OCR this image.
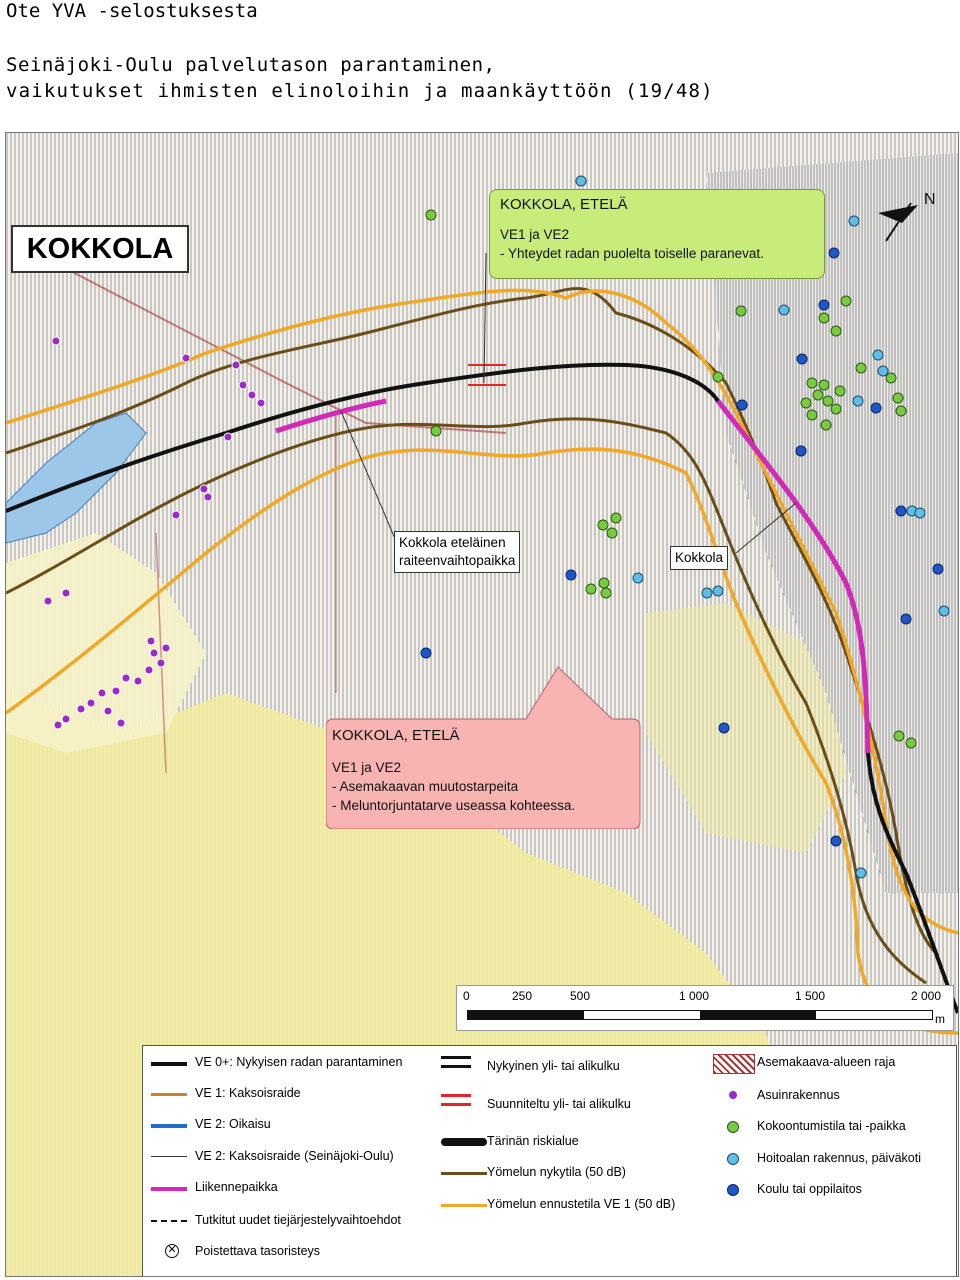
Ote YVA -selostuksesta
Seinäjoki-Oulu palvelutason parantaminen,
vaikutukset ihmisten elinoloihin ja maankäyttöön (19/48)
KOKKOLA
N
KOKKOLA, ETELÄ
VE1 ja VE2
- Yhteydet radan puolelta toiselle paranevat.
Kokkola eteläinen
raiteenvaihtopaikka	Kokkola
KOKKOLA, ETELÄ
VE1 ja VE2
- Asemakaavan muutostarpeita
- Meluntorjuntatarve useassa kohteessa.
0	250	500	1 000	1 500	2 000
m
VE 0+: Nykyisen radan parantaminen
VE 1: Kaksoisraide
VE 2: Oikaisu
VE 2: Kaksoisraide (Seinäjoki-Oulu)
Liikennepaikka
Tutkitut uudet tiejärjestelyvaihtoehdot
✕ Poistettava tasoristeys
Nykyinen yli- tai alikulku
Suunniteltu yli- tai alikulku
Tärinän riskialue
Yömelun nykytila (50 dB)
Yömelun ennustetila VE 1 (50 dB)
Asemakaava-alueen raja
Asuinrakennus
Kokoontumistila tai -paikka
Hoitoalan rakennus, päiväkoti
Koulu tai oppilaitos
